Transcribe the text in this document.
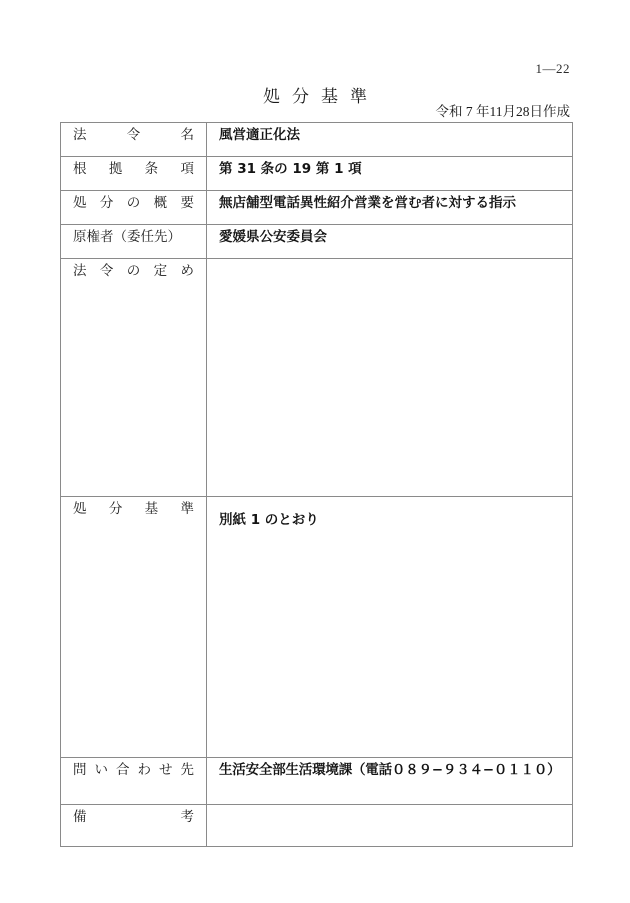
1—22
処分基準
令和 7 年11月28日作成
法令名	風営適正化法

根拠条項	第 31 条の 19 第 1 項

処分の概要	無店舗型電話異性紹介営業を営む者に対する指示

原権者（委任先）	愛媛県公安委員会

法令の定め	

処分基準	別紙 1 のとおり

問い合わせ先	生活安全部生活環境課（電話０８９−９３４−０１１０）

備考	
